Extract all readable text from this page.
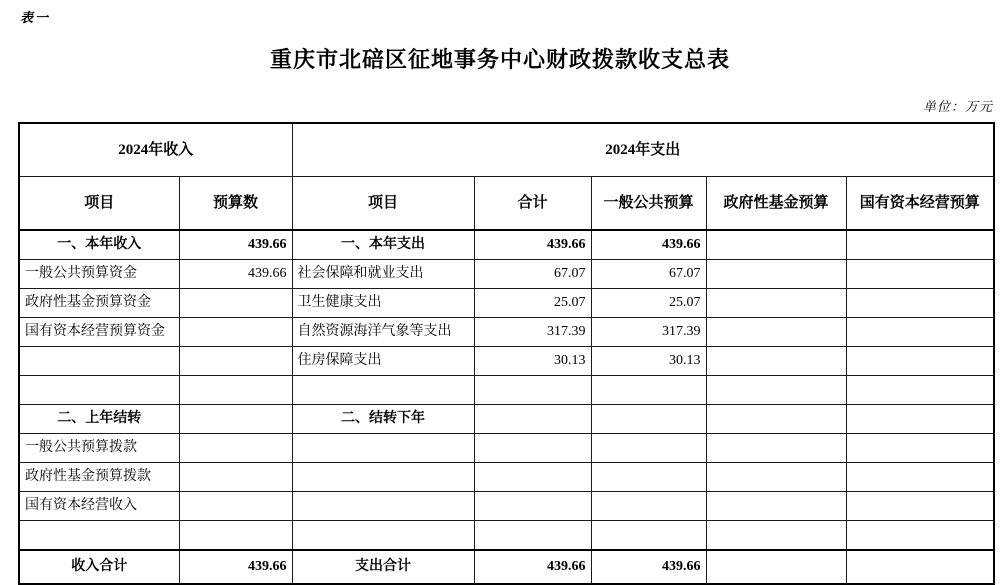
表一
重庆市北碚区征地事务中心财政拨款收支总表
单位：万元
2024年收入		2024年支出				
项目	预算数	项目	合计	一般公共预算	政府性基金预算	国有资本经营预算
一、本年收入	439.66	一、本年支出	439.66	439.66		
一般公共预算资金	439.66	社会保障和就业支出	67.07	67.07		
政府性基金预算资金		卫生健康支出	25.07	25.07		
国有资本经营预算资金		自然资源海洋气象等支出	317.39	317.39		
		住房保障支出	30.13	30.13		

二、上年结转		二、结转下年				
一般公共预算拨款						
政府性基金预算拨款						
国有资本经营收入						

收入合计	439.66	支出合计	439.66	439.66		
